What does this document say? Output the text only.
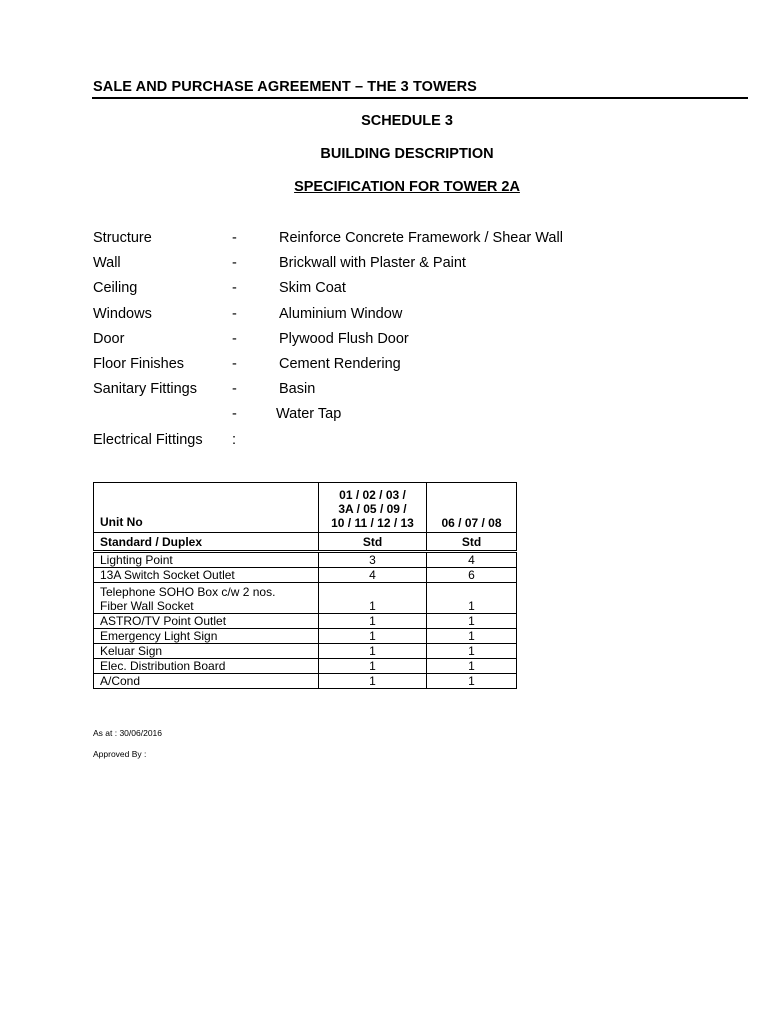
SALE AND PURCHASE AGREEMENT – THE 3 TOWERS
SCHEDULE 3
BUILDING DESCRIPTION
SPECIFICATION FOR TOWER 2A
Structure	-	Reinforce Concrete Framework / Shear Wall
Wall	-	Brickwall with Plaster & Paint
Ceiling	-	Skim Coat
Windows	-	Aluminium Window
Door	-	Plywood Flush Door
Floor Finishes	-	Cement Rendering
Sanitary Fittings -	Basin
-	Water Tap
Electrical Fittings :
Unit No	01 / 02 / 03 /
3A / 05 / 09 /
10 / 11 / 12 / 13	06 / 07 / 08
Standard / Duplex	Std	Std
Lighting Point	3	4
13A Switch Socket Outlet	4	6

Telephone SOHO Box c/w 2 nos.
Fiber Wall Socket	1	1
ASTRO/TV Point Outlet	1	1
Emergency Light Sign	1	1
Keluar Sign	1	1
Elec. Distribution Board	1	1
A/Cond	1	1
As at : 30/06/2016
Approved By :
